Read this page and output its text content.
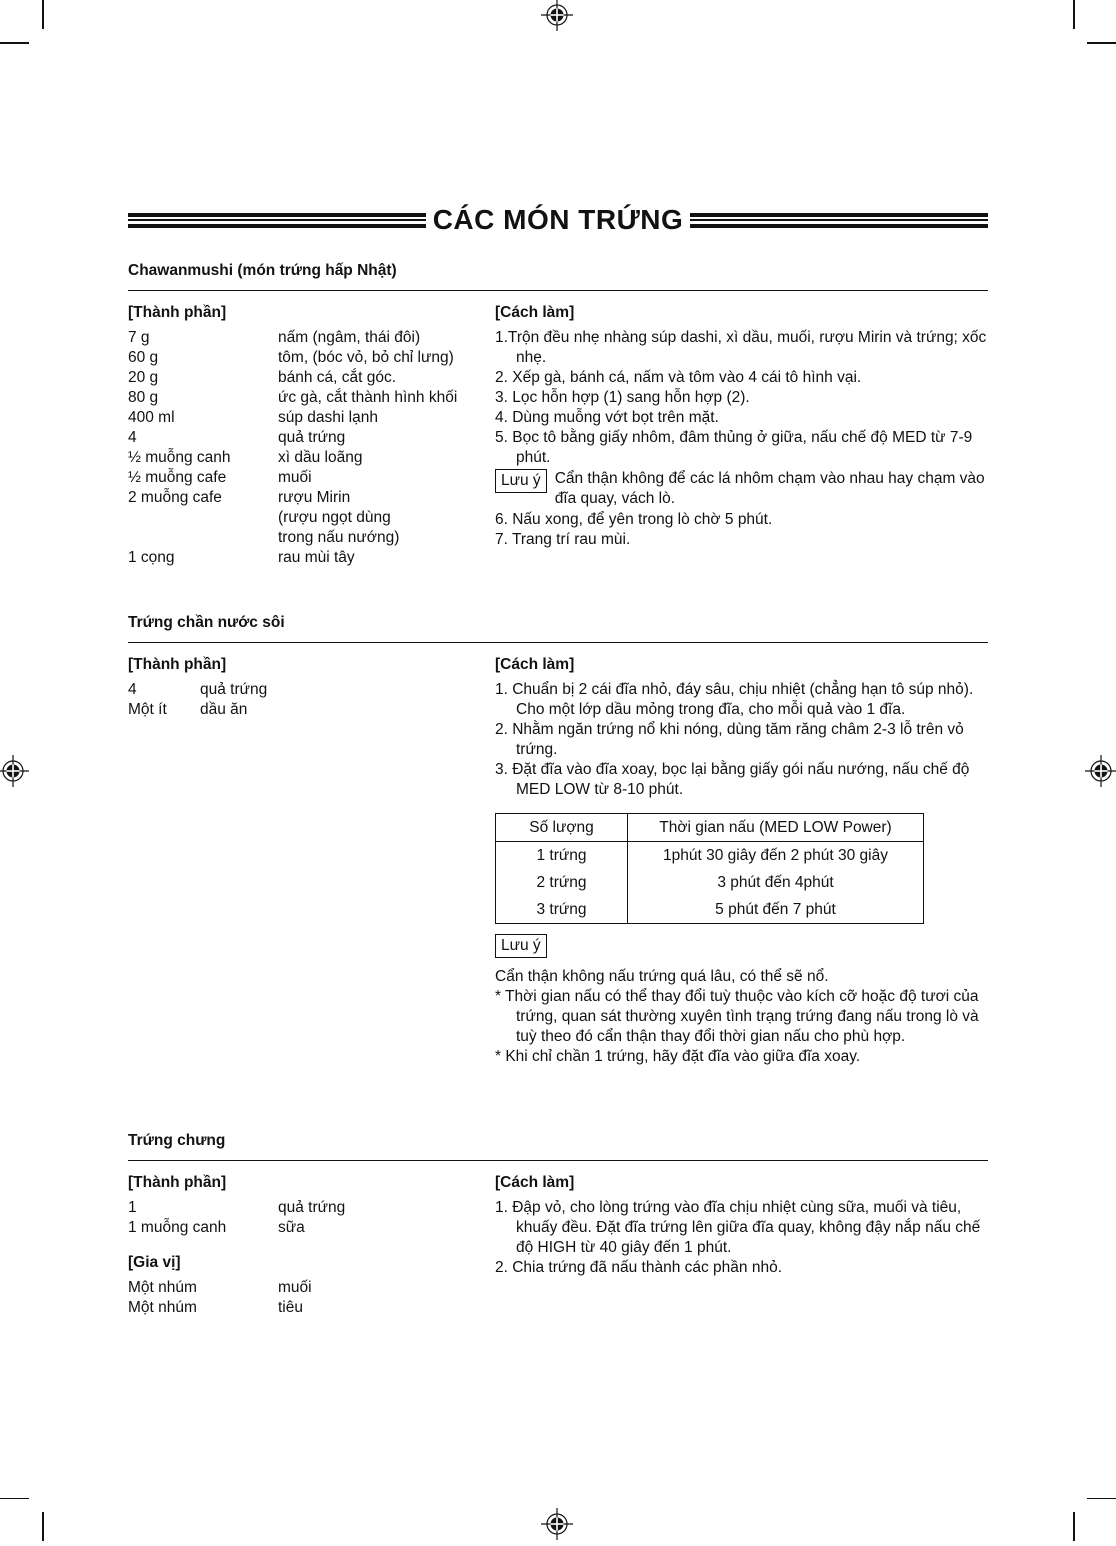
CÁC MÓN TRỨNG
Chawanmushi (món trứng hấp Nhật)
[Thành phần]
7 g	nấm (ngâm, thái đôi)
60 g	tôm, (bóc vỏ, bỏ chỉ lưng)
20 g	bánh cá, cắt góc.
80 g	ức gà, cắt thành hình khối
400 ml	súp dashi lạnh
4	quả trứng
½ muỗng canh	xì dầu loãng
½ muỗng cafe	muối
2 muỗng cafe	rượu Mirin
(rượu ngọt dùng
trong nấu nướng)
1 cọng	rau mùi tây
[Cách làm]
1.Trộn đều nhẹ nhàng súp dashi, xì dầu, muối, rượu Mirin và trứng; xốc nhẹ.
2. Xếp gà, bánh cá, nấm và tôm vào 4 cái tô hình vại.
3. Lọc hỗn hợp (1) sang hỗn hợp (2).
4. Dùng muỗng vớt bọt trên mặt.
5. Bọc tô bằng giấy nhôm, đâm thủng ở giữa, nấu chế độ MED từ 7-9 phút.
Lưu ý Cẩn thận không để các lá nhôm chạm vào nhau hay chạm vào đĩa quay, vách lò.
6. Nấu xong, để yên trong lò chờ 5 phút.
7. Trang trí rau mùi.
Trứng chần nước sôi
[Thành phần]
4	quả trứng
Một ít	dầu ăn
[Cách làm]
1. Chuẩn bị 2 cái đĩa nhỏ, đáy sâu, chịu nhiệt (chẳng hạn tô súp nhỏ). Cho một lớp dầu mỏng trong đĩa, cho mỗi quả vào 1 đĩa.
2. Nhằm ngăn trứng nổ khi nóng, dùng tăm răng châm 2-3 lỗ trên vỏ trứng.
3. Đặt đĩa vào đĩa xoay, bọc lại bằng giấy gói nấu nướng, nấu chế độ MED LOW từ 8-10 phút.
Số lượng	Thời gian nấu (MED LOW Power)
1 trứng	1phút 30 giây đến 2 phút 30 giây
2 trứng	3 phút đến 4phút
3 trứng	5 phút đến 7 phút
Lưu ý
Cẩn thận không nấu trứng quá lâu, có thể sẽ nổ.
* Thời gian nấu có thể thay đổi tuỳ thuộc vào kích cỡ hoặc độ tươi của trứng, quan sát thường xuyên tình trạng trứng đang nấu trong lò và tuỳ theo đó cẩn thận thay đổi thời gian nấu cho phù hợp.
* Khi chỉ chần 1 trứng, hãy đặt đĩa vào giữa đĩa xoay.
Trứng chưng
[Thành phần]
1	quả trứng
1 muỗng canh	sữa
[Gia vị]
Một nhúm	muối
Một nhúm	tiêu
[Cách làm]
1. Đập vỏ, cho lòng trứng vào đĩa chịu nhiệt cùng sữa, muối và tiêu, khuấy đều. Đặt đĩa trứng lên giữa đĩa quay, không đậy nắp nấu chế độ HIGH từ 40 giây đến 1 phút.
2. Chia trứng đã nấu thành các phần nhỏ.
